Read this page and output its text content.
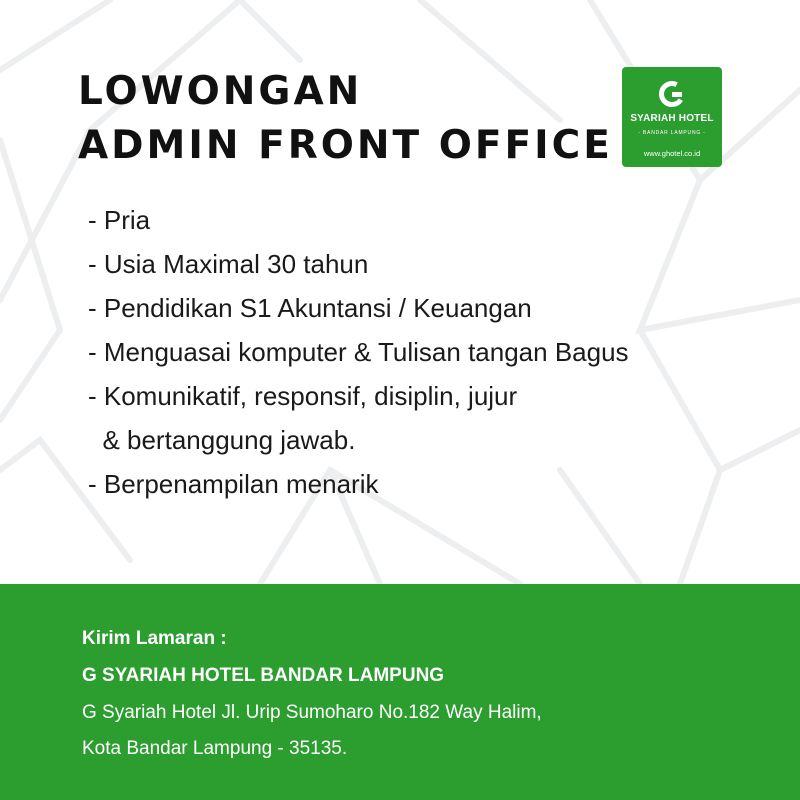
LOWONGAN
ADMIN FRONT OFFICE
SYARIAH HOTEL
- BANDAR LAMPUNG -
www.ghotel.co.id
- Pria
- Usia Maximal 30 tahun
- Pendidikan S1 Akuntansi / Keuangan
- Menguasai komputer & Tulisan tangan Bagus
- Komunikatif, responsif, disiplin, jujur
& bertanggung jawab.
- Berpenampilan menarik
Kirim Lamaran :
G SYARIAH HOTEL BANDAR LAMPUNG
G Syariah Hotel Jl. Urip Sumoharo No.182 Way Halim,
Kota Bandar Lampung - 35135.
